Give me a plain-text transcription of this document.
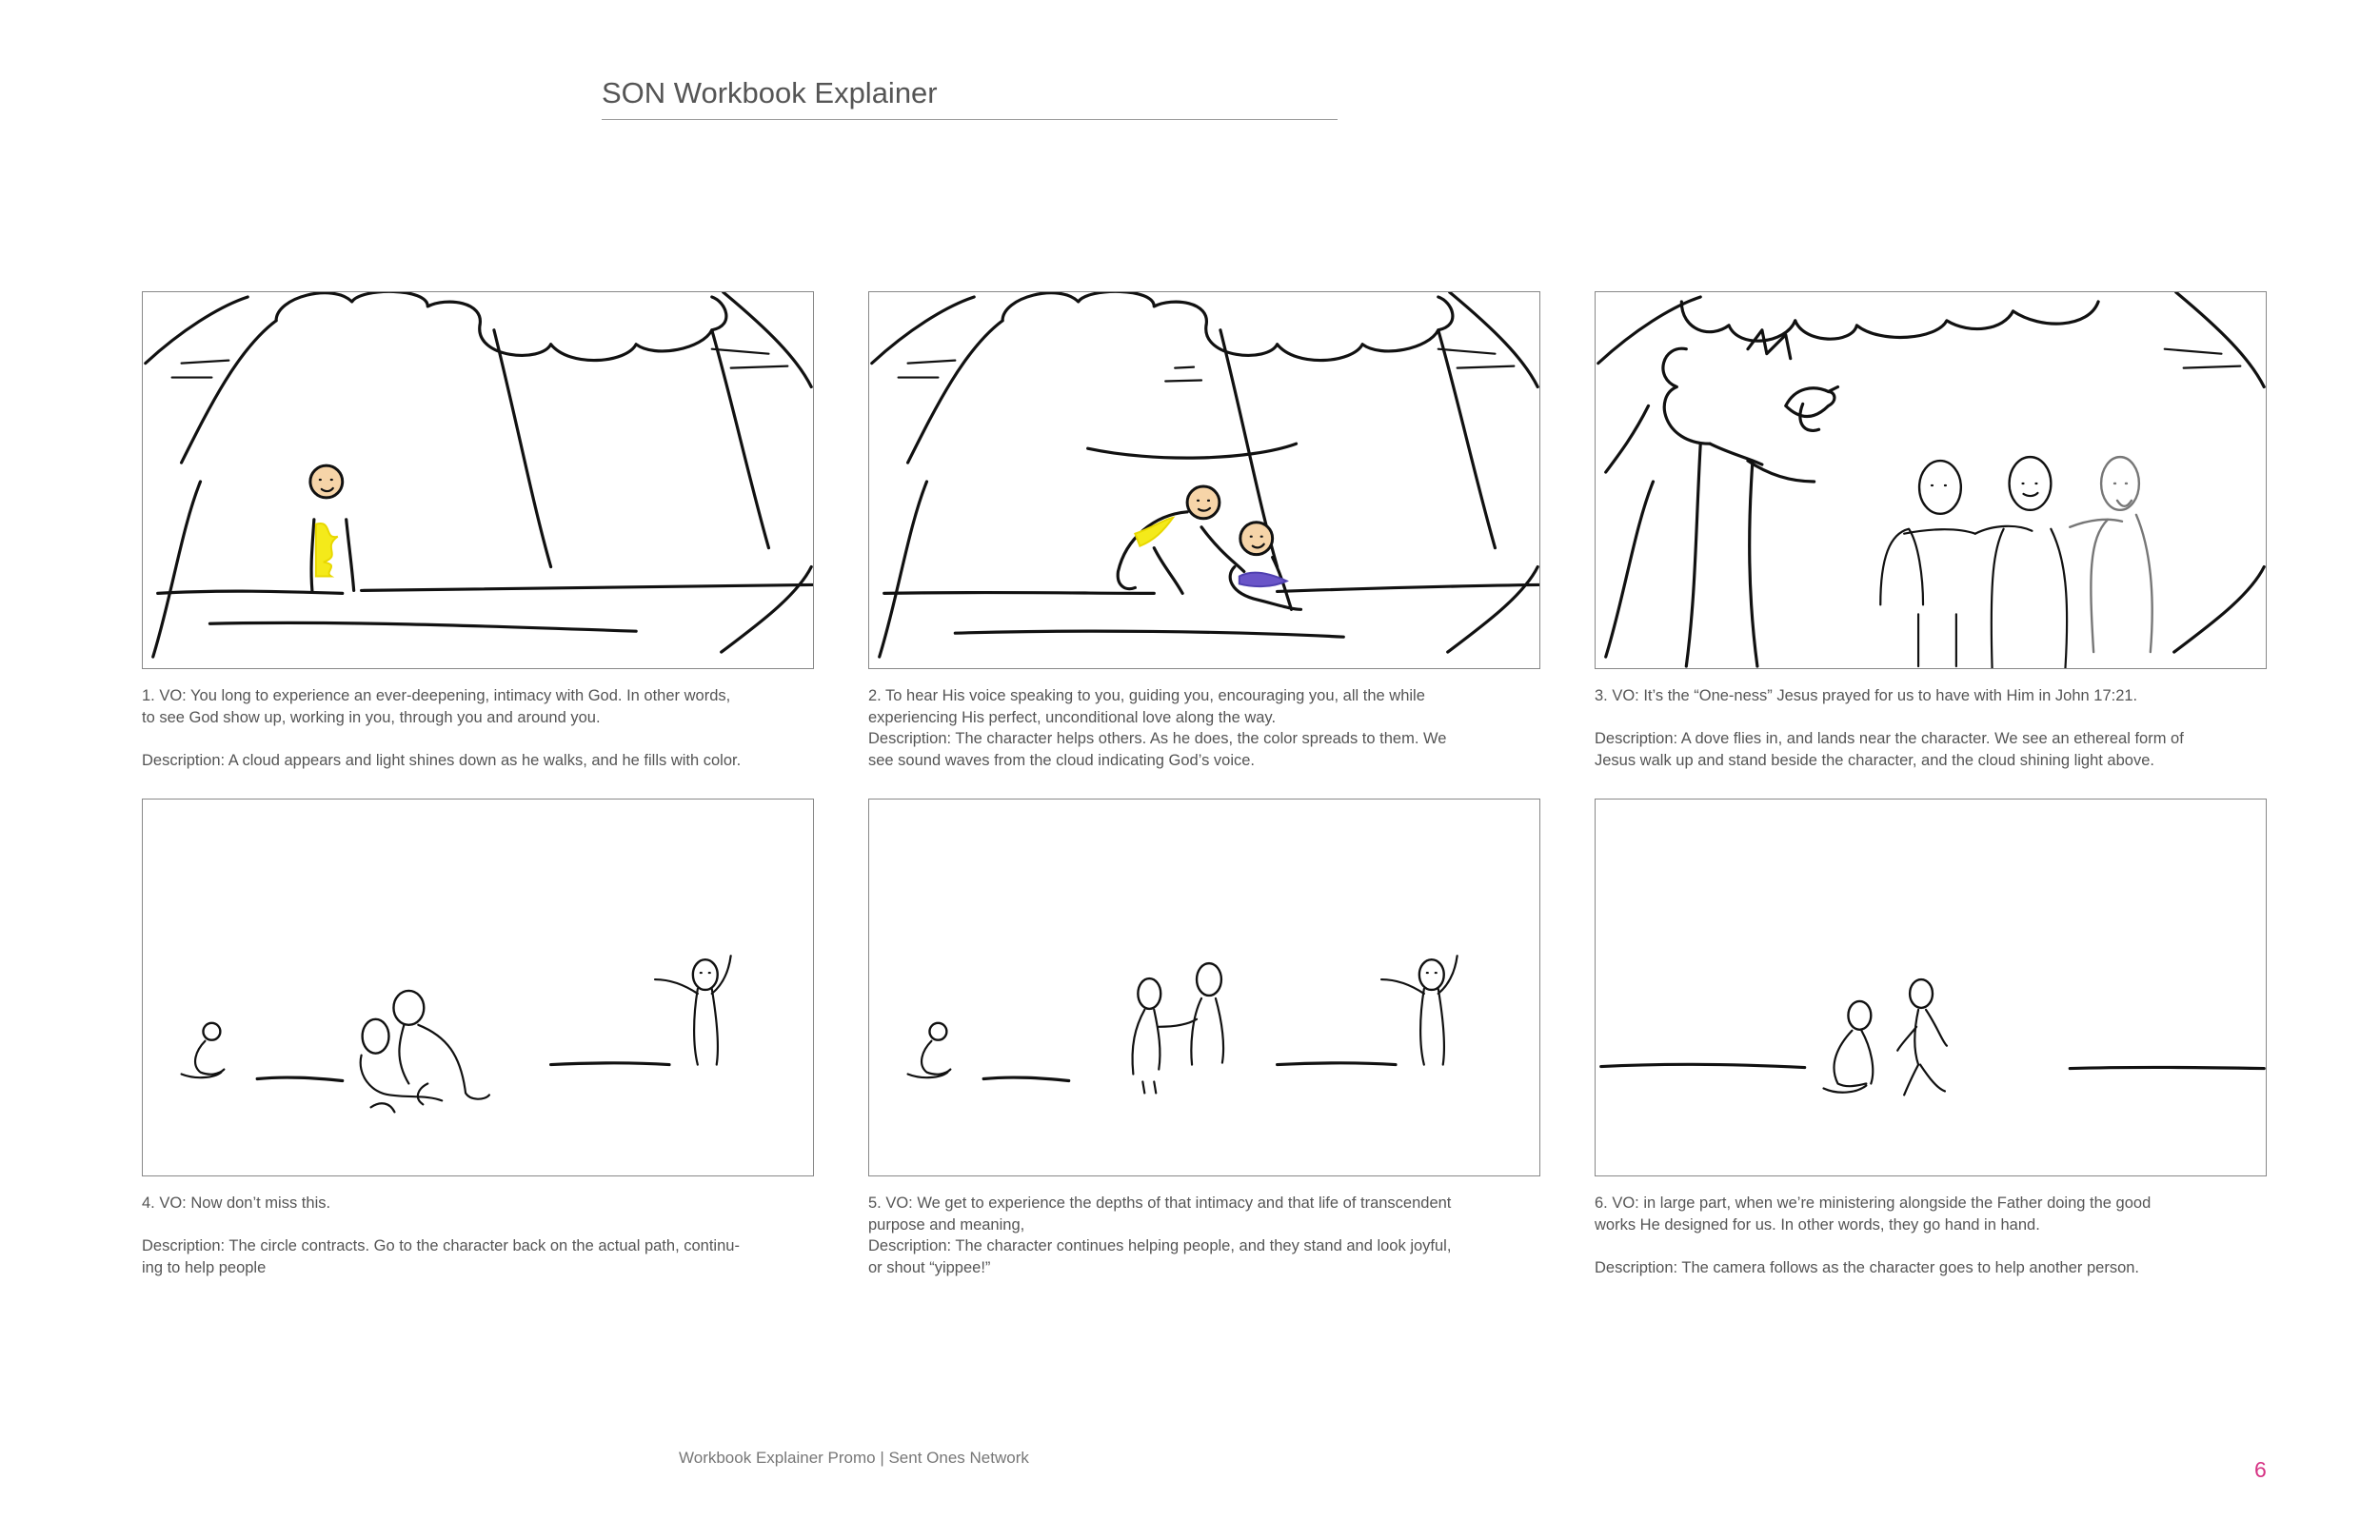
SON Workbook Explainer

1. VO: You long to experience an ever-deepening, intimacy with God. In other words,

to see God show up, working in you, through you and around you.

Description: A cloud appears and light shines down as he walks, and he fills with color.

2. To hear His voice speaking to you, guiding you, encouraging you, all the while

experiencing His perfect, unconditional love along the way.

Description: The character helps others. As he does, the color spreads to them. We

see sound waves from the cloud indicating God’s voice.

3. VO: It’s the “One-ness” Jesus prayed for us to have with Him in John 17:21.

Description: A dove flies in, and lands near the character. We see an ethereal form of

Jesus walk up and stand beside the character, and the cloud shining light above.

4. VO: Now don’t miss this.

Description: The circle contracts. Go to the character back on the actual path, continu-

ing to help people

5. VO: We get to experience the depths of that intimacy and that life of transcendent

purpose and meaning,

Description: The character continues helping people, and they stand and look joyful,

or shout “yippee!”

6. VO: in large part, when we’re ministering alongside the Father doing the good

works He designed for us. In other words, they go hand in hand.

Description: The camera follows as the character goes to help another person.

Workbook Explainer Promo | Sent Ones Network	6
